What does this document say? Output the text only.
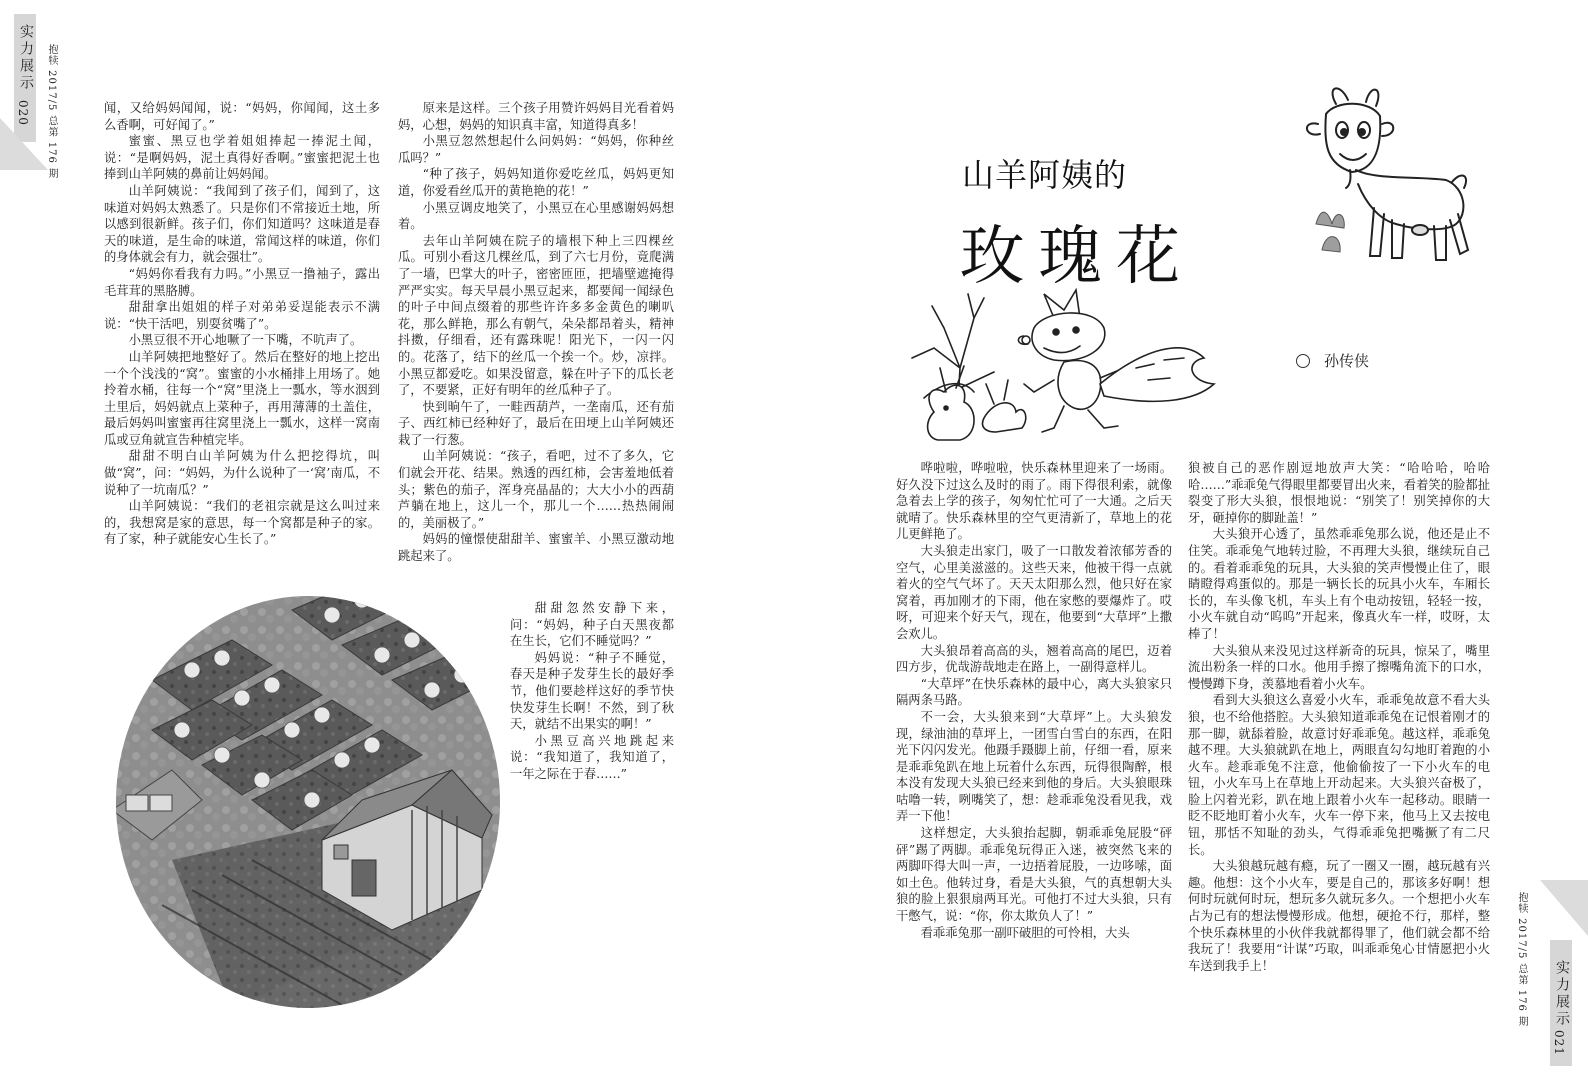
实力展示
020 抱犊 2017/5 总第 176 期	闻，又给妈妈闻闻，说：“妈妈，你闻闻，这土多么香啊，可好闻了。”

蜜蜜、黑豆也学着姐姐捧起一捧泥土闻，说：“是啊妈妈，泥土真得好香啊。”蜜蜜把泥土也捧到山羊阿姨的鼻前让妈妈闻。

山羊阿姨说：“我闻到了孩子们，闻到了，这味道对妈妈太熟悉了。只是你们不常接近土地，所以感到很新鲜。孩子们，你们知道吗？这味道是春天的味道，是生命的味道，常闻这样的味道，你们的身体就会有力，就会强壮”。

“妈妈你看我有力吗。”小黑豆一撸袖子，露出毛茸茸的黑胳膊。

甜甜拿出姐姐的样子对弟弟妥逞能表示不满说：“快干活吧，别耍贫嘴了”。

小黑豆很不开心地噘了一下嘴，不吭声了。

山羊阿姨把地整好了。然后在整好的地上挖出一个个浅浅的“窝”。蜜蜜的小水桶排上用场了。她拎着水桶，往每一个“窝”里浇上一瓢水，等水洇到土里后，妈妈就点上菜种子，再用薄薄的土盖住，最后妈妈叫蜜蜜再往窝里浇上一瓢水，这样一窝南瓜或豆角就宣告种植完毕。

甜甜不明白山羊阿姨为什么把挖得坑，叫做“窝”，问：“妈妈，为什么说种了一‘窝’南瓜，不说种了一坑南瓜？”

山羊阿姨说：“我们的老祖宗就是这么叫过来的，我想窝是家的意思，每一个窝都是种子的家。有了家，种子就能安心生长了。”

原来是这样。三个孩子用赞许妈妈目光看着妈妈，心想，妈妈的知识真丰富，知道得真多！

小黑豆忽然想起什么问妈妈：“妈妈，你种丝瓜吗？”

“种了孩子，妈妈知道你爱吃丝瓜，妈妈更知道，你爱看丝瓜开的黄艳艳的花！”

小黑豆调皮地笑了，小黑豆在心里感谢妈妈想着。

去年山羊阿姨在院子的墙根下种上三四棵丝瓜。可别小看这几棵丝瓜，到了六七月份，竟爬满了一墙，巴掌大的叶子，密密匝匝，把墙壁遮掩得严严实实。每天早晨小黑豆起来，都要闻一闻绿色的叶子中间点缀着的那些许许多多金黄色的喇叭花，那么鲜艳，那么有朝气，朵朵都昂着头，精神抖擞，仔细看，还有露珠呢！阳光下，一闪一闪的。花落了，结下的丝瓜一个挨一个。炒，凉拌。小黑豆都爱吃。如果没留意，躲在叶子下的瓜长老了，不要紧，正好有明年的丝瓜种子了。

快到晌午了，一畦西葫芦，一垄南瓜，还有茄子、西红柿已经种好了，最后在田埂上山羊阿姨还栽了一行葱。

山羊阿姨说：“孩子，看吧，过不了多久，它们就会开花、结果。熟透的西红柿，会害羞地低着头；紫色的茄子，浑身亮晶晶的；大大小小的西葫芦躺在地上，这儿一个，那儿一个……热热闹闹的，美丽极了。”

妈妈的憧憬使甜甜羊、蜜蜜羊、小黑豆激动地跳起来了。

甜甜忽然安静下来，问：“妈妈，种子白天黑夜都在生长，它们不睡觉吗？”

妈妈说：“种子不睡觉，春天是种子发芽生长的最好季节，他们要趁样这好的季节快快发芽生长啊！不然，到了秋天，就结不出果实的啊！”

小黑豆高兴地跳起来说：“我知道了，我知道了，一年之际在于春……”

实力展示
021
抱犊 2017/5 总第 176 期
山羊阿姨的
玫瑰花
孙传侠

哗啦啦，哗啦啦，快乐森林里迎来了一场雨。好久没下过这么及时的雨了。雨下得很利索，就像急着去上学的孩子，匆匆忙忙可了一大通。之后天就晴了。快乐森林里的空气更清新了，草地上的花儿更鲜艳了。

大头狼走出家门，吸了一口散发着浓郁芳香的空气，心里美滋滋的。这些天来，他被干得一点就着火的空气气坏了。天天太阳那么烈，他只好在家窝着，再加刚才的下雨，他在家憋的要爆炸了。哎呀，可迎来个好天气，现在，他要到“大草坪”上撒会欢儿。

大头狼昂着高高的头，翘着高高的尾巴，迈着四方步，优哉游哉地走在路上，一副得意样儿。

“大草坪”在快乐森林的最中心，离大头狼家只隔两条马路。

不一会，大头狼来到“大草坪”上。大头狼发现，绿油油的草坪上，一团雪白雪白的东西，在阳光下闪闪发光。他蹑手蹑脚上前，仔细一看，原来是乖乖兔趴在地上玩着什么东西，玩得很陶醉，根本没有发现大头狼已经来到他的身后。大头狼眼珠咕噜一转，咧嘴笑了，想：趁乖乖兔没看见我，戏弄一下他！

这样想定，大头狼抬起脚，朝乖乖兔屁股“砰砰”踢了两脚。乖乖兔玩得正入迷，被突然飞来的两脚吓得大叫一声，一边捂着屁股，一边哆嗦，面如土色。他转过身，看是大头狼，气的真想朝大头狼的脸上狠狠扇两耳光。可他打不过大头狼，只有干憋气，说：“你，你太欺负人了！”

看乖乖兔那一副吓破胆的可怜相，大头

狼被自己的恶作剧逗地放声大笑：“哈哈哈，哈哈哈……”乖乖兔气得眼里都要冒出火来，看着笑的脸都扯裂变了形大头狼，恨恨地说：“别笑了！别笑掉你的大牙，砸掉你的脚趾盖！”

大头狼开心透了，虽然乖乖兔那么说，他还是止不住笑。乖乖兔气地转过脸，不再理大头狼，继续玩自己的。看着乖乖兔的玩具，大头狼的笑声慢慢止住了，眼睛瞪得鸡蛋似的。那是一辆长长的玩具小火车，车厢长长的，车头像飞机，车头上有个电动按钮，轻轻一按，小火车就自动“呜呜”开起来，像真火车一样，哎呀，太棒了！

大头狼从来没见过这样新奇的玩具，惊呆了，嘴里流出粉条一样的口水。他用手擦了擦嘴角流下的口水，慢慢蹲下身，羡慕地看着小火车。

看到大头狼这么喜爱小火车，乖乖兔故意不看大头狼，也不给他搭腔。大头狼知道乖乖兔在记恨着刚才的那一脚，就舔着脸，故意讨好乖乖兔。越这样，乖乖兔越不理。大头狼就趴在地上，两眼直勾勾地盯着跑的小火车。趁乖乖兔不注意，他偷偷按了一下小火车的电钮，小火车马上在草地上开动起来。大头狼兴奋极了，脸上闪着光彩，趴在地上跟着小火车一起移动。眼睛一眨不眨地盯着小火车，火车一停下来，他马上又去按电钮，那恬不知耻的劲头，气得乖乖兔把嘴撅了有二尺长。

大头狼越玩越有瘾，玩了一圈又一圈，越玩越有兴趣。他想：这个小火车，要是自己的，那该多好啊！想何时玩就何时玩，想玩多久就玩多久。一个想把小火车占为己有的想法慢慢形成。他想，硬抢不行，那样，整个快乐森林里的小伙伴我就都得罪了，他们就会都不给我玩了！我要用“计谋”巧取，叫乖乖兔心甘情愿把小火车送到我手上！
